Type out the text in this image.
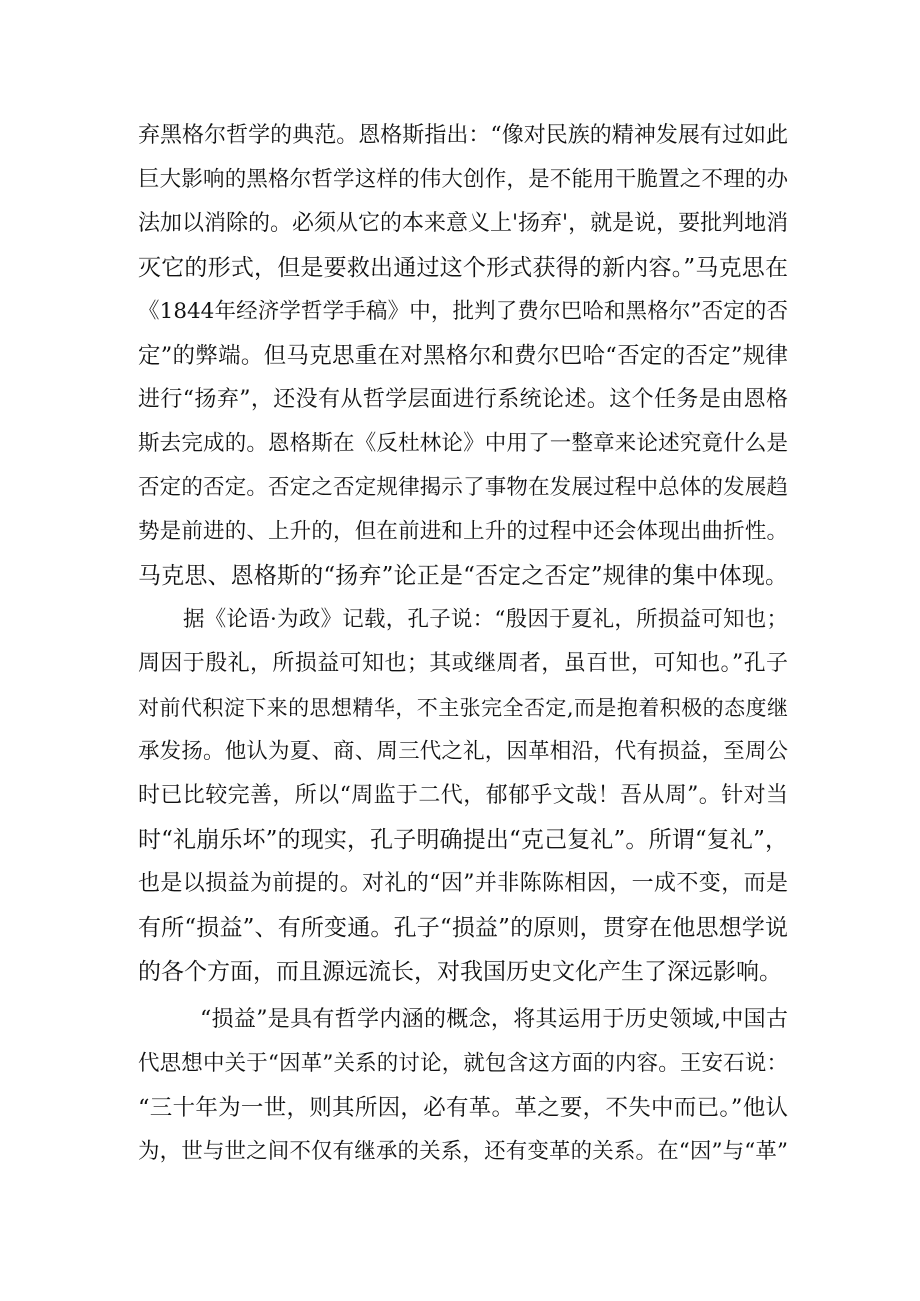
弃黑格尔哲学的典范。恩格斯指出：“像对民族的精神发展有过如此
巨大影响的黑格尔哲学这样的伟大创作，是不能用干脆置之不理的办
法加以消除的。必须从它的本来意义上'扬弃'，就是说，要批判地消
灭它的形式，但是要救出通过这个形式获得的新内容。”马克思在
《1844年经济学哲学手稿》中，批判了费尔巴哈和黑格尔”否定的否
定”的弊端。但马克思重在对黑格尔和费尔巴哈“否定的否定”规律
进行“扬弃”，还没有从哲学层面进行系统论述。这个任务是由恩格
斯去完成的。恩格斯在《反杜林论》中用了一整章来论述究竟什么是
否定的否定。否定之否定规律揭示了事物在发展过程中总体的发展趋
势是前进的、上升的，但在前进和上升的过程中还会体现出曲折性。
马克思、恩格斯的“扬弃”论正是“否定之否定”规律的集中体现。
据《论语·为政》记载，孔子说：“殷因于夏礼，所损益可知也；
周因于殷礼，所损益可知也；其或继周者，虽百世，可知也。”孔子
对前代积淀下来的思想精华，不主张完全否定,而是抱着积极的态度继
承发扬。他认为夏、商、周三代之礼，因革相沿，代有损益，至周公
时已比较完善，所以“周监于二代，郁郁乎文哉！吾从周”。针对当
时“礼崩乐坏”的现实，孔子明确提出“克己复礼”。所谓“复礼”，
也是以损益为前提的。对礼的“因”并非陈陈相因，一成不变，而是
有所“损益”、有所变通。孔子“损益”的原则，贯穿在他思想学说
的各个方面，而且源远流长，对我国历史文化产生了深远影响。
“损益”是具有哲学内涵的概念，将其运用于历史领域,中国古
代思想中关于“因革”关系的讨论，就包含这方面的内容。王安石说：
“三十年为一世，则其所因，必有革。革之要，不失中而已。”他认
为，世与世之间不仅有继承的关系，还有变革的关系。在“因”与“革”
